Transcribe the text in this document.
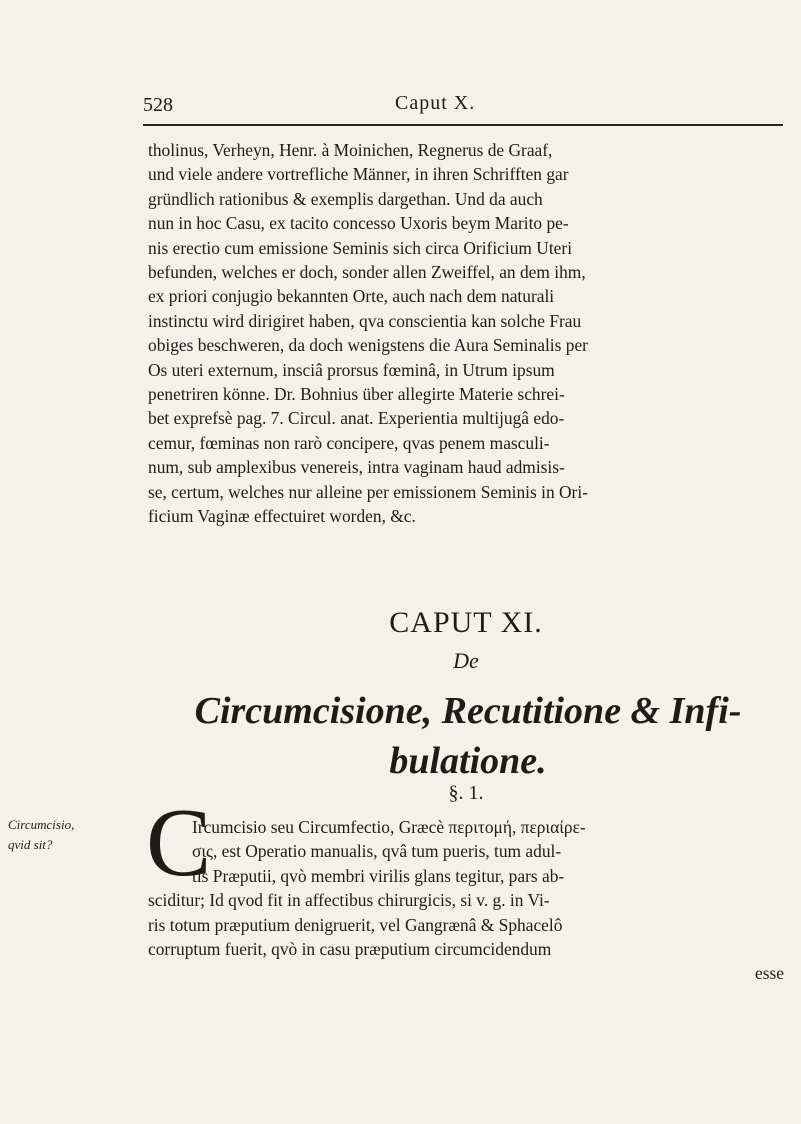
528	Caput X.

tholinus, Verheyn, Henr. à Moinichen, Regnerus de Graaf,
und viele andere vortrefliche Männer, in ihren Schrifften gar
gründlich rationibus & exemplis dargethan. Und da auch
nun in hoc Casu, ex tacito concesso Uxoris beym Marito pe-
nis erectio cum emissione Seminis sich circa Orificium Uteri
befunden, welches er doch, sonder allen Zweiffel, an dem ihm,
ex priori conjugio bekannten Orte, auch nach dem naturali
instinctu wird dirigiret haben, qva conscientia kan solche Frau
obiges beschweren, da doch wenigstens die Aura Seminalis per
Os uteri externum, insciâ prorsus fœminâ, in Utrum ipsum
penetriren könne. Dr. Bohnius über allegirte Materie schrei-
bet exprefsè pag. 7. Circul. anat. Experientia multijugâ edo-
cemur, fœminas non rarò concipere, qvas penem masculi-
num, sub amplexibus venereis, intra vaginam haud admisis-
se, certum, welches nur alleine per emissionem Seminis in Ori-
ficium Vaginæ effectuiret worden, &c.

CAPUT XI.
De
Circumcisione, Recutitione & Infi-
bulatione.
§. 1.
Circumcisio,
qvid sit? C

Ircumcisio seu Circumfectio, Græcè περιτομή, περιαίρε-
σις, est Operatio manualis, qvâ tum pueris, tum adul-
tis Præputii, qvò membri virilis glans tegitur, pars ab-
sciditur; Id qvod fit in affectibus chirurgicis, si v. g. in Vi-
ris totum præputium denigruerit, vel Gangrænâ & Sphacelô
corruptum fuerit, qvò in casu præputium circumcidendum
esse
